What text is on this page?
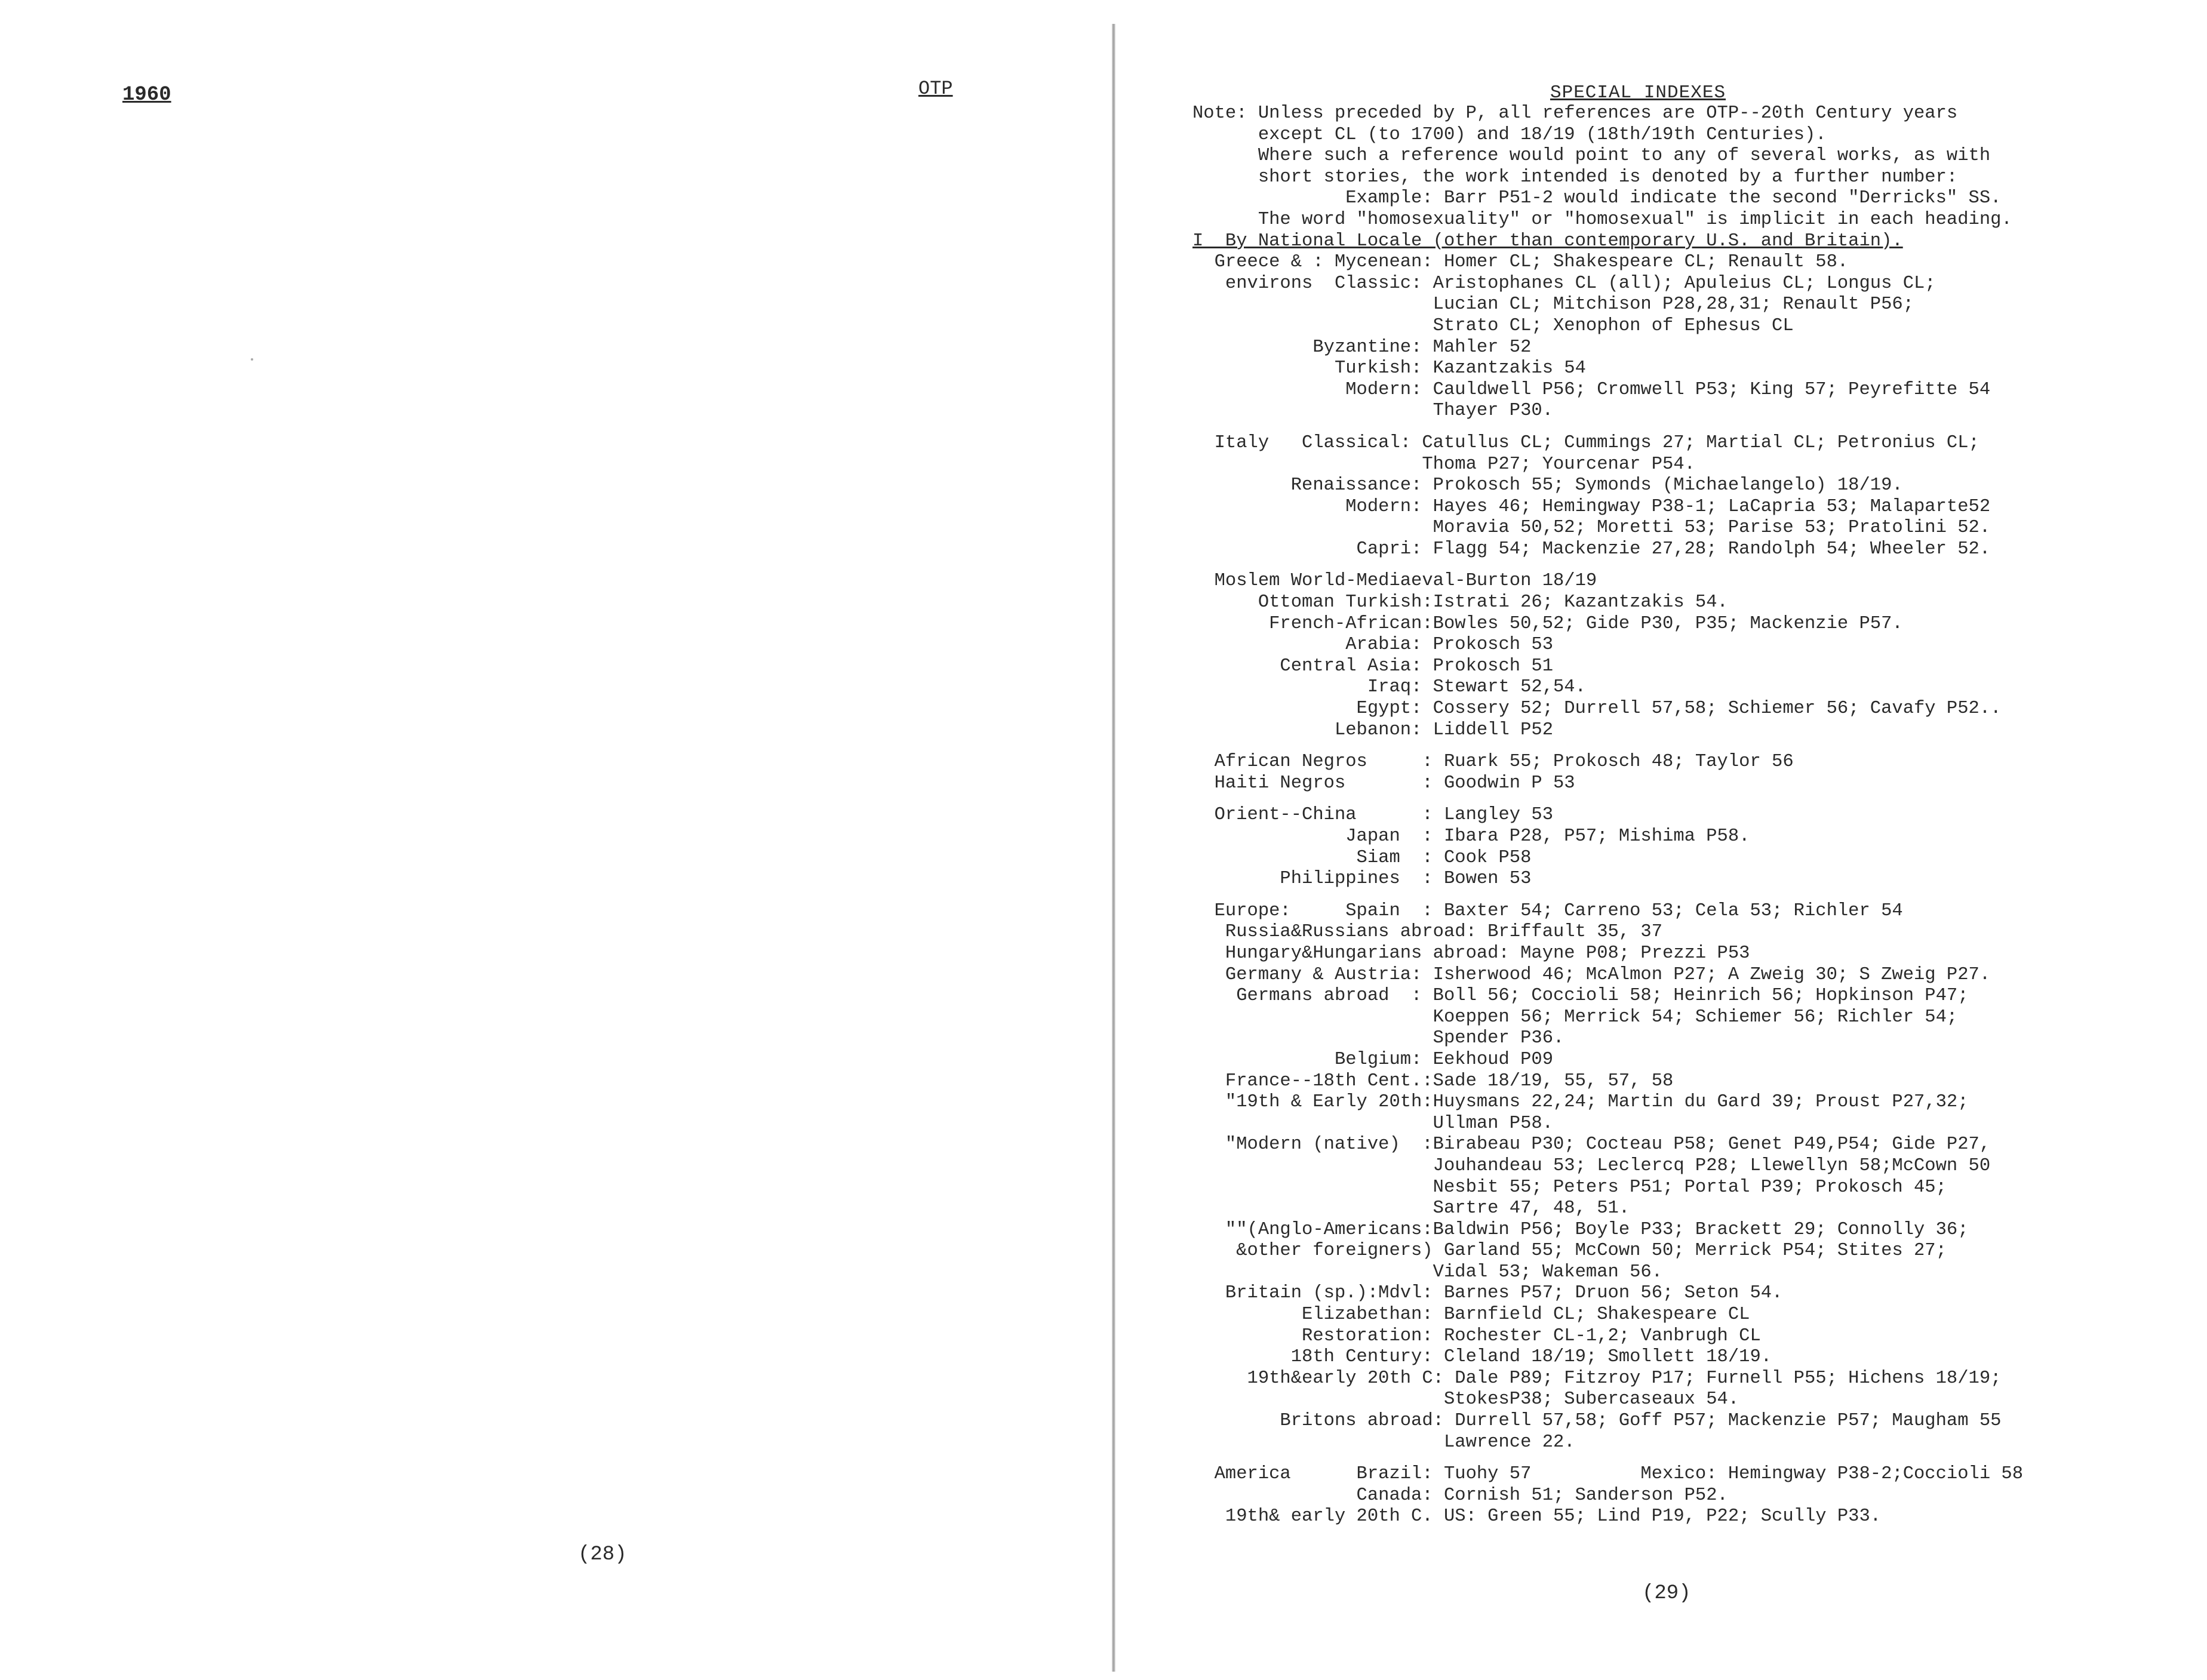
1960	OTP
(28)
SPECIAL INDEXES
Note: Unless preceded by P, all references are OTP--20th Century years
except CL (to 1700) and 18/19 (18th/19th Centuries).
Where such a reference would point to any of several works, as with
short stories, the work intended is denoted by a further number:
Example: Barr P51-2 would indicate the second "Derricks" SS.
The word "homosexuality" or "homosexual" is implicit in each heading.
I  By National Locale (other than contemporary U.S. and Britain).
Greece & : Mycenean: Homer CL; Shakespeare CL; Renault 58.
environs  Classic: Aristophanes CL (all); Apuleius CL; Longus CL;
Lucian CL; Mitchison P28,28,31; Renault P56;
Strato CL; Xenophon of Ephesus CL
Byzantine: Mahler 52
Turkish: Kazantzakis 54
Modern: Cauldwell P56; Cromwell P53; King 57; Peyrefitte 54
Thayer P30.
Italy   Classical: Catullus CL; Cummings 27; Martial CL; Petronius CL;
Thoma P27; Yourcenar P54.
Renaissance: Prokosch 55; Symonds (Michaelangelo) 18/19.
Modern: Hayes 46; Hemingway P38-1; LaCapria 53; Malaparte52
Moravia 50,52; Moretti 53; Parise 53; Pratolini 52.
Capri: Flagg 54; Mackenzie 27,28; Randolph 54; Wheeler 52.
Moslem World-Mediaeval-Burton 18/19
Ottoman Turkish:Istrati 26; Kazantzakis 54.
French-African:Bowles 50,52; Gide P30, P35; Mackenzie P57.
Arabia: Prokosch 53
Central Asia: Prokosch 51
Iraq: Stewart 52,54.
Egypt: Cossery 52; Durrell 57,58; Schiemer 56; Cavafy P52..
Lebanon: Liddell P52
African Negros     : Ruark 55; Prokosch 48; Taylor 56
Haiti Negros       : Goodwin P 53
Orient--China      : Langley 53
Japan  : Ibara P28, P57; Mishima P58.
Siam  : Cook P58
Philippines  : Bowen 53
Europe:     Spain  : Baxter 54; Carreno 53; Cela 53; Richler 54
Russia&Russians abroad: Briffault 35, 37
Hungary&Hungarians abroad: Mayne P08; Prezzi P53
Germany & Austria: Isherwood 46; McAlmon P27; A Zweig 30; S Zweig P27.
Germans abroad  : Boll 56; Coccioli 58; Heinrich 56; Hopkinson P47;
Koeppen 56; Merrick 54; Schiemer 56; Richler 54;
Spender P36.
Belgium: Eekhoud P09
France--18th Cent.:Sade 18/19, 55, 57, 58
"19th & Early 20th:Huysmans 22,24; Martin du Gard 39; Proust P27,32;
Ullman P58.
"Modern (native)  :Birabeau P30; Cocteau P58; Genet P49,P54; Gide P27,
Jouhandeau 53; Leclercq P28; Llewellyn 58;McCown 50
Nesbit 55; Peters P51; Portal P39; Prokosch 45;
Sartre 47, 48, 51.
""(Anglo-Americans:Baldwin P56; Boyle P33; Brackett 29; Connolly 36;
&other foreigners) Garland 55; McCown 50; Merrick P54; Stites 27;
Vidal 53; Wakeman 56.
Britain (sp.):Mdvl: Barnes P57; Druon 56; Seton 54.
Elizabethan: Barnfield CL; Shakespeare CL
Restoration: Rochester CL-1,2; Vanbrugh CL
18th Century: Cleland 18/19; Smollett 18/19.
19th&early 20th C: Dale P89; Fitzroy P17; Furnell P55; Hichens 18/19;
StokesP38; Subercaseaux 54.
Britons abroad: Durrell 57,58; Goff P57; Mackenzie P57; Maugham 55
Lawrence 22.
America      Brazil: Tuohy 57          Mexico: Hemingway P38-2;Coccioli 58
Canada: Cornish 51; Sanderson P52.
19th& early 20th C. US: Green 55; Lind P19, P22; Scully P33.
(29)
